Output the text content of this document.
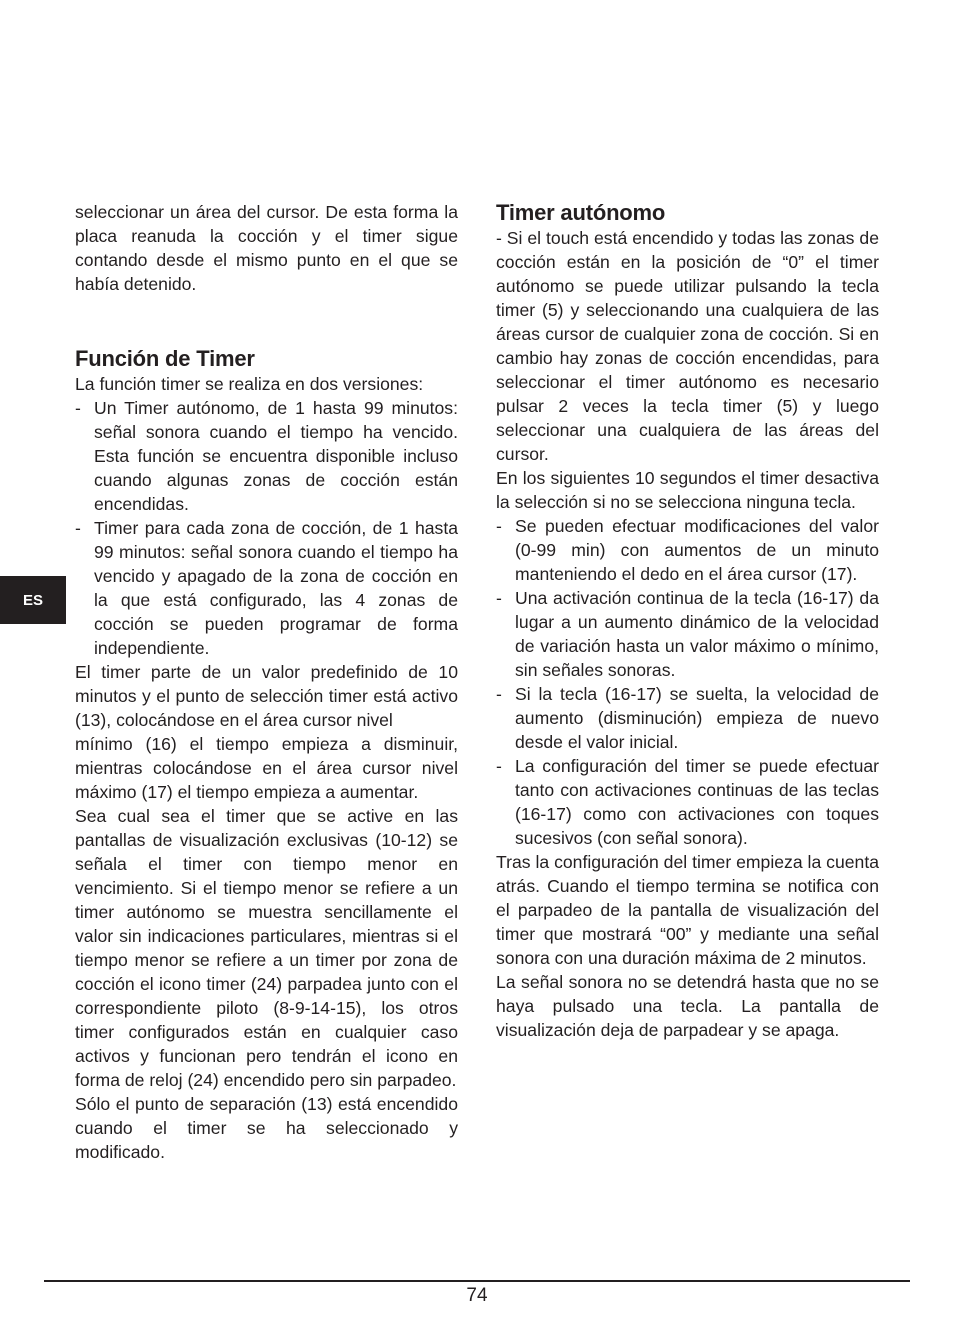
seleccionar un área del cursor. De esta forma la placa reanuda la cocción y el timer sigue contando desde el mismo punto en el que se había detenido.

Función de Timer

La función timer se realiza en dos versiones:

- Un Timer autónomo, de 1 hasta 99 minutos: señal sonora cuando el tiempo ha vencido. Esta función se encuentra disponible incluso cuando algunas zonas de cocción están encendidas.
- Timer para cada zona de cocción, de 1 hasta 99 minutos: señal sonora cuando el tiempo ha vencido y apagado de la zona de cocción en la que está configurado, las 4 zonas de cocción se pueden programar de forma independiente.

El timer parte de un valor predefinido de 10 minutos y el punto de selección timer está activo (13), colocándose en el área cursor nivel

mínimo (16) el tiempo empieza a disminuir, mientras colocándose en el área cursor nivel máximo (17) el tiempo empieza a aumentar.

Sea cual sea el timer que se active en las pantallas de visualización exclusivas (10-12) se señala el timer con tiempo menor en vencimiento. Si el tiempo menor se refiere a un timer autónomo se muestra sencillamente el valor sin indicaciones particulares, mientras si el tiempo menor se refiere a un timer por zona de cocción el icono timer (24) parpadea junto con el correspondiente piloto (8-9-14-15), los otros timer configurados están en cualquier caso activos y funcionan pero tendrán el icono en forma de reloj (24) encendido pero sin parpadeo.

Sólo el punto de separación (13) está encendido cuando el timer se ha seleccionado y modificado.

Timer autónomo

- Si el touch está encendido y todas las zonas de cocción están en la posición de “0” el timer autónomo se puede utilizar pulsando la tecla timer (5) y seleccionando una cualquiera de las áreas cursor de cualquier zona de cocción. Si en cambio hay zonas de cocción encendidas, para seleccionar el timer autónomo es necesario pulsar 2 veces la tecla timer (5) y luego seleccionar una cualquiera de las áreas del cursor.

En los siguientes 10 segundos el timer desactiva la selección si no se selecciona ninguna tecla.

- Se pueden efectuar modificaciones del valor (0-99 min) con aumentos de un minuto manteniendo el dedo en el área cursor (17).
- Una activación continua de la tecla (16-17) da lugar a un aumento dinámico de la velocidad de variación hasta un valor máximo o mínimo, sin señales sonoras.
- Si la tecla (16-17) se suelta, la velocidad de aumento (disminución) empieza de nuevo desde el valor inicial.
- La configuración del timer se puede efectuar tanto con activaciones continuas de las teclas (16-17) como con activaciones con toques sucesivos (con señal sonora).

Tras la configuración del timer empieza la cuenta atrás. Cuando el tiempo termina se notifica con el parpadeo de la pantalla de visualización del timer que mostrará “00” y mediante una señal sonora con una duración máxima de 2 minutos.

La señal sonora no se detendrá hasta que no se haya pulsado una tecla. La pantalla de visualización deja de parpadear y se apaga.

ES
74
